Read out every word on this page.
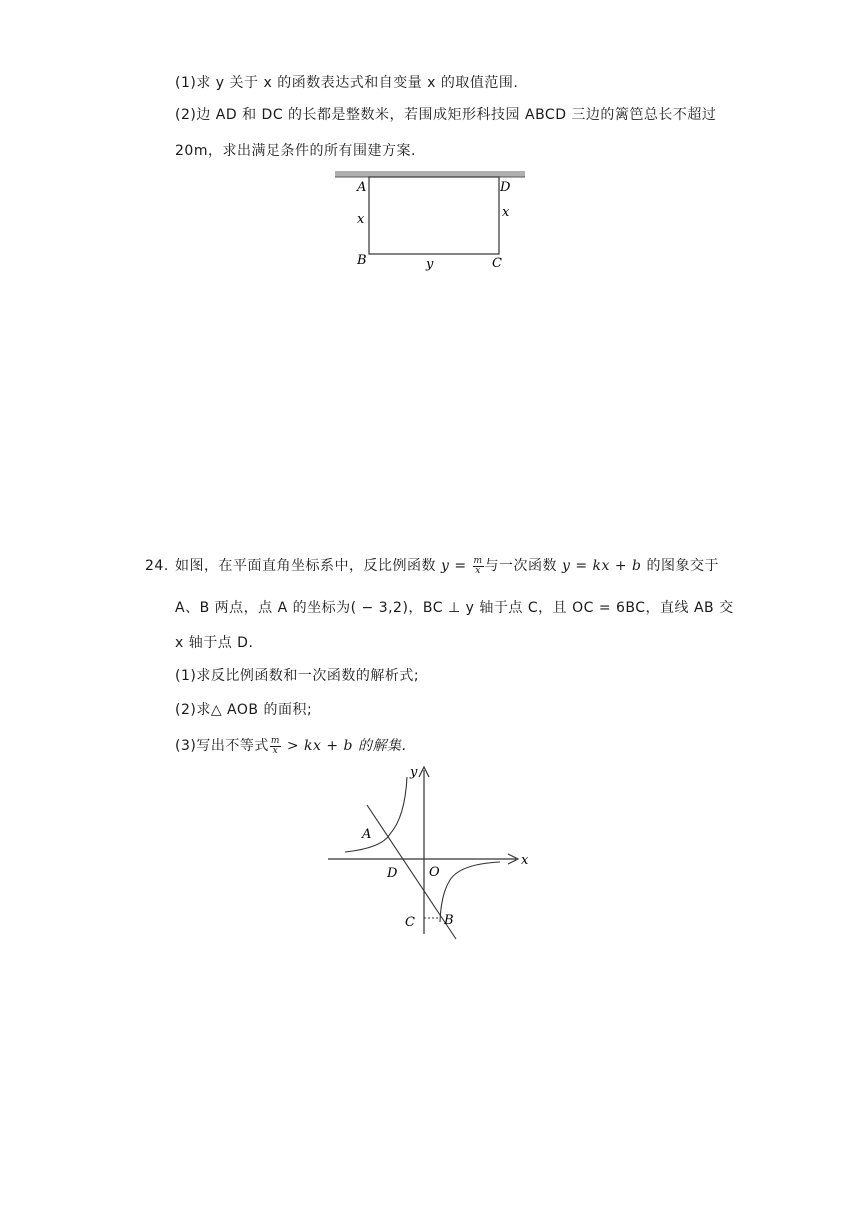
(1)求 y 关于 x 的函数表达式和自变量 x 的取值范围.
(2)边 AD 和 DC 的长都是整数米，若围成矩形科技园 ABCD 三边的篱笆总长不超过
20m，求出满足条件的所有围建方案.
A	D
x	x
B	y	C
24. 如图，在平面直角坐标系中，反比例函数 $y = \frac{m}{x}$ 与一次函数 y = kx + b 的图象交于
A、B 两点，点 A 的坐标为( − 3,2)，BC ⊥ y 轴于点 C，且 OC = 6BC，直线 AB 交
x 轴于点 D.
(1)求反比例函数和一次函数的解析式;
(2)求△ AOB 的面积;
(3)写出不等式 $\frac{m}{x}$ > kx + b 的解集.
x
y
A
D O
C B
